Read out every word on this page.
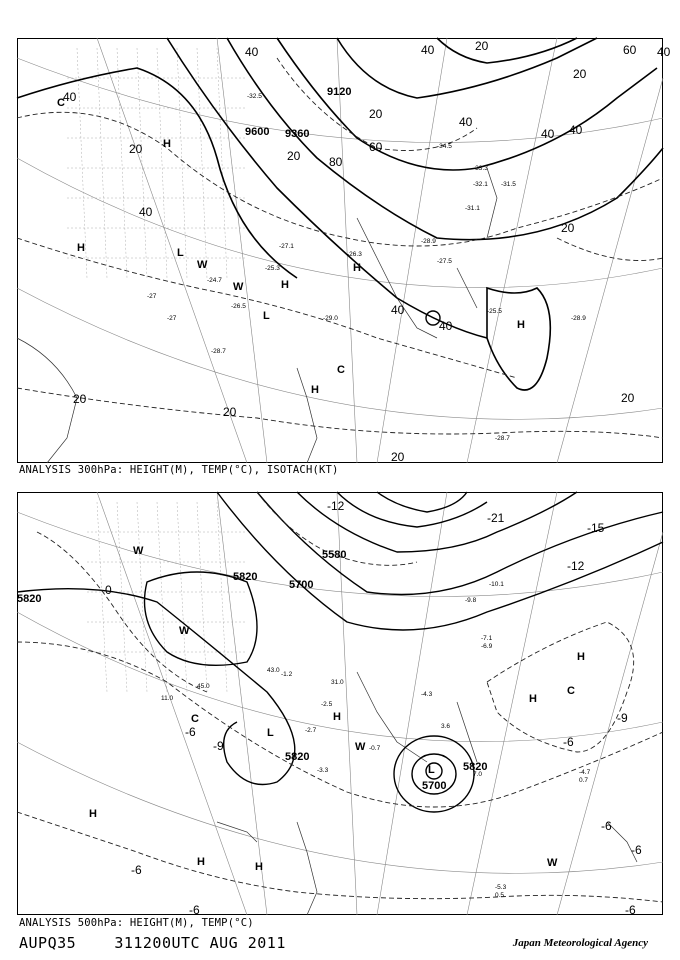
9600 9360
9120
40
20
40
20
40
80
60
40
20
20
40
20
40
20
60
40
40
20
40
40
20
20
20
H
H
H
H
H
H
L
L
C
C
W
W
-32.5
-34.5
-31.5
-33.3
-32.1
-31.1
-28.9
-27.5
-25.3
-25.5
-28.7
-28.9
-27.1
-26.3
-29.0
-24.7
-26.5
-27
-27
-28.7
ANALYSIS 300hPa: HEIGHT(M), TEMP(°C), ISOTACH(KT)
5820
5820
5700
5580
5700
5820
5820
-21
-15
-12
-9
-6
-6
-6
-6
-6
-6
-9
0
-6
-12
H
H
H
H
H	H
L
L
C
C
W
W
W
W
-10.1
-9.8
-7.1
-6.9
-5.3
-4.7
-4.3
-3.3
-2.7
-2.5
-1.2
-0.7
0.5
0.7
3.6
7.0
11.0
31.0
43.0
45.0
ANALYSIS 500hPa: HEIGHT(M), TEMP(°C)
AUPQ35	311200UTC AUG 2011	Japan Meteorological Agency
